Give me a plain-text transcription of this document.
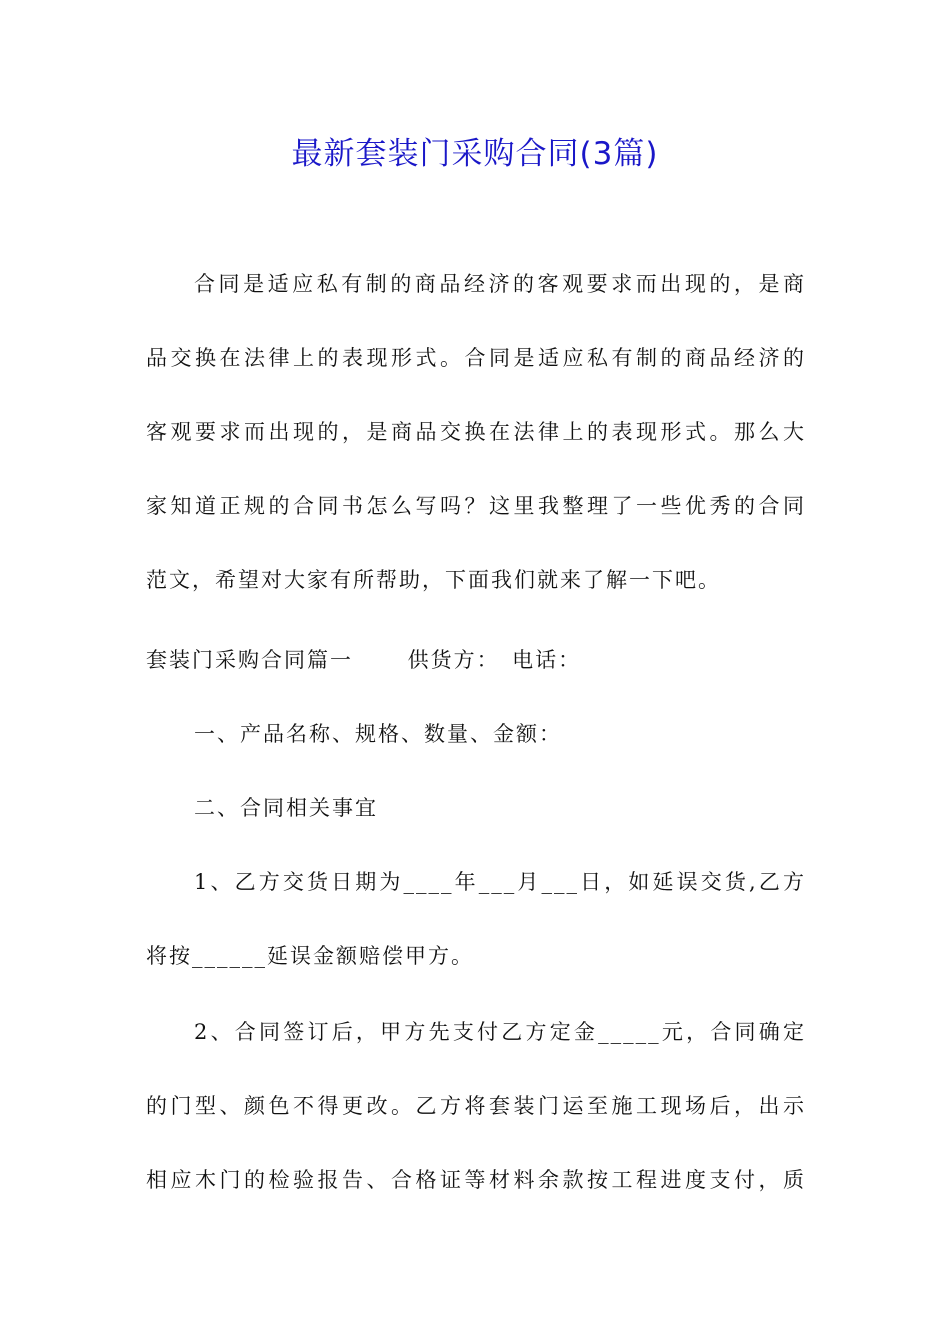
最新套装门采购合同(3篇)
合同是适应私有制的商品经济的客观要求而出现的，是商
品交换在法律上的表现形式。合同是适应私有制的商品经济的
客观要求而出现的，是商品交换在法律上的表现形式。那么大
家知道正规的合同书怎么写吗？这里我整理了一些优秀的合同
范文，希望对大家有所帮助，下面我们就来了解一下吧。
套装门采购合同篇一　　 供货方：　电话：
一、产品名称、规格、数量、金额：
二、合同相关事宜
1、乙方交货日期为____年___月___日，如延误交货,乙方
将按______延误金额赔偿甲方。
2、合同签订后，甲方先支付乙方定金_____元，合同确定
的门型、颜色不得更改。乙方将套装门运至施工现场后，出示
相应木门的检验报告、合格证等材料余款按工程进度支付，质
